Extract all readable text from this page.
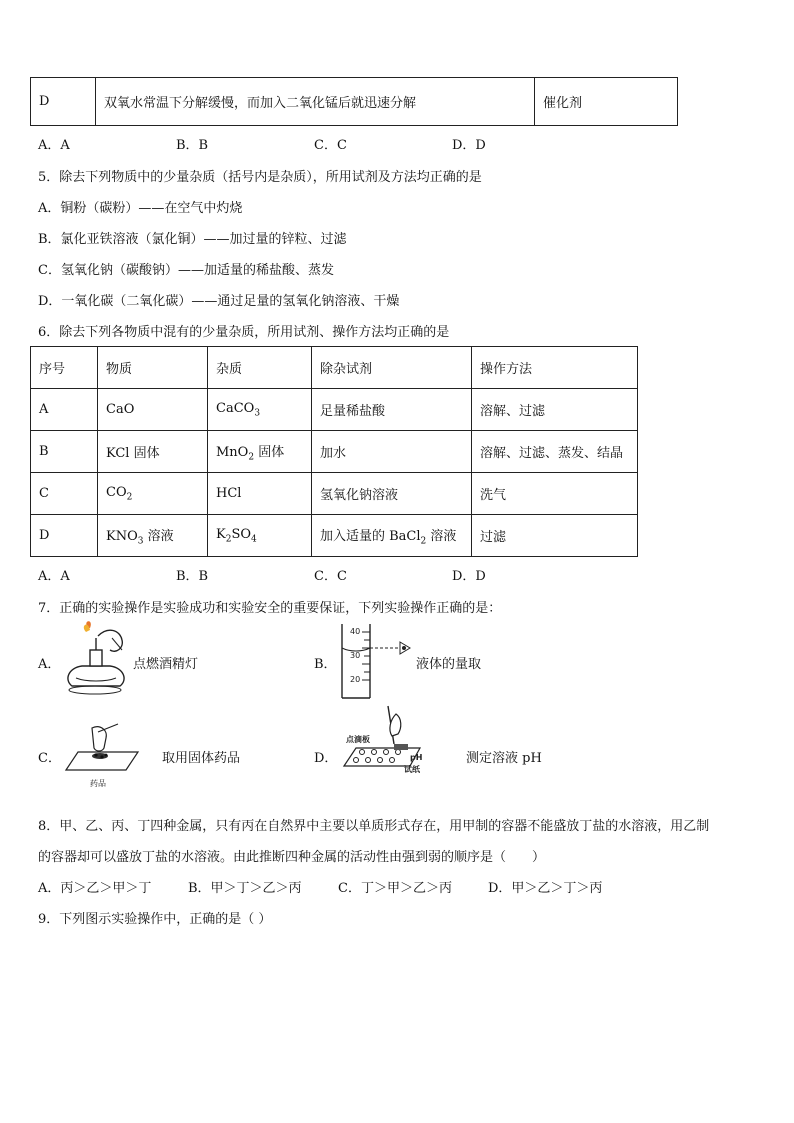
D	双氧水常温下分解缓慢，而加入二氧化锰后就迅速分解	催化剂
A．A	B．B	C．C	D．D
5．除去下列物质中的少量杂质（括号内是杂质），所用试剂及方法均正确的是
A．铜粉（碳粉）——在空气中灼烧
B．氯化亚铁溶液（氯化铜）——加过量的锌粒、过滤
C．氢氧化钠（碳酸钠）——加适量的稀盐酸、蒸发
D．一氧化碳（二氧化碳）——通过足量的氢氧化钠溶液、干燥
6．除去下列各物质中混有的少量杂质，所用试剂、操作方法均正确的是
序号	物质	杂质	除杂试剂	操作方法
A	CaO	CaCO$_3$	足量稀盐酸	溶解、过滤
B	KCl 固体	MnO$_2$ 固体	加水	溶解、过滤、蒸发、结晶
C	$CO_2$	HCl	氢氧化钠溶液	洗气
D	$KNO_3$ 溶液	$K_2SO_4$	加入适量的 BaCl$_2$ 溶液	过滤
A．A	B．B	C．C	D．D
7．正确的实验操作是实验成功和实验安全的重要保证，下列实验操作正确的是：
A．	点燃酒精灯	B．
40
30
20
液体的量取
C．
药品
取用固体药品	D．
点滴板
pH
试纸
测定溶液 pH
8．甲、乙、丙、丁四种金属，只有丙在自然界中主要以单质形式存在，用甲制的容器不能盛放丁盐的水溶液，用乙制
的容器却可以盛放丁盐的水溶液。由此推断四种金属的活动性由强到弱的顺序是（　　）
A．丙＞乙＞甲＞丁	B．甲＞丁＞乙＞丙	C．丁＞甲＞乙＞丙	D．甲＞乙＞丁＞丙
9．下列图示实验操作中，正确的是（ ）
